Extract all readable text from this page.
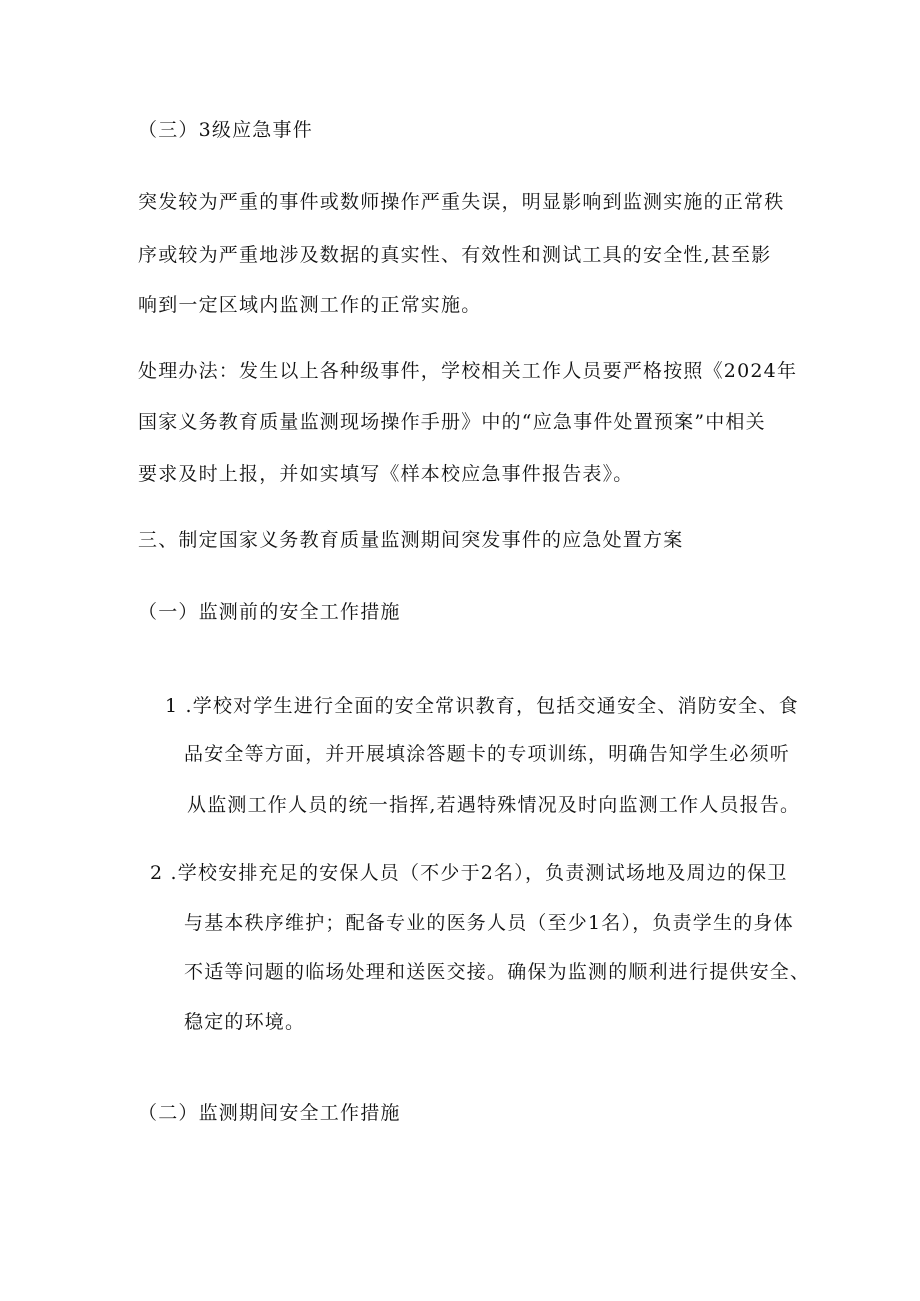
（三）3级应急事件
突发较为严重的事件或数师操作严重失误，明显影响到监测实施的正常秩
序或较为严重地涉及数据的真实性、有效性和测试工具的安全性,甚至影
响到一定区域内监测工作的正常实施。
处理办法：发生以上各种级事件，学校相关工作人员要严格按照《2024年
国家义务教育质量监测现场操作手册》中的“应急事件处置预案”中相关
要求及时上报，并如实填写《样本校应急事件报告表》。
三、制定国家义务教育质量监测期间突发事件的应急处置方案
（一）监测前的安全工作措施
1 .学校对学生进行全面的安全常识教育，包括交通安全、消防安全、食
品安全等方面，并开展填涂答题卡的专项训练，明确告知学生必须听
从监测工作人员的统一指挥,若遇特殊情况及时向监测工作人员报告。
2 .学校安排充足的安保人员（不少于2名），负责测试场地及周边的保卫
与基本秩序维护；配备专业的医务人员（至少1名），负责学生的身体
不适等问题的临场处理和送医交接。确保为监测的顺利进行提供安全、
稳定的环境。
（二）监测期间安全工作措施
